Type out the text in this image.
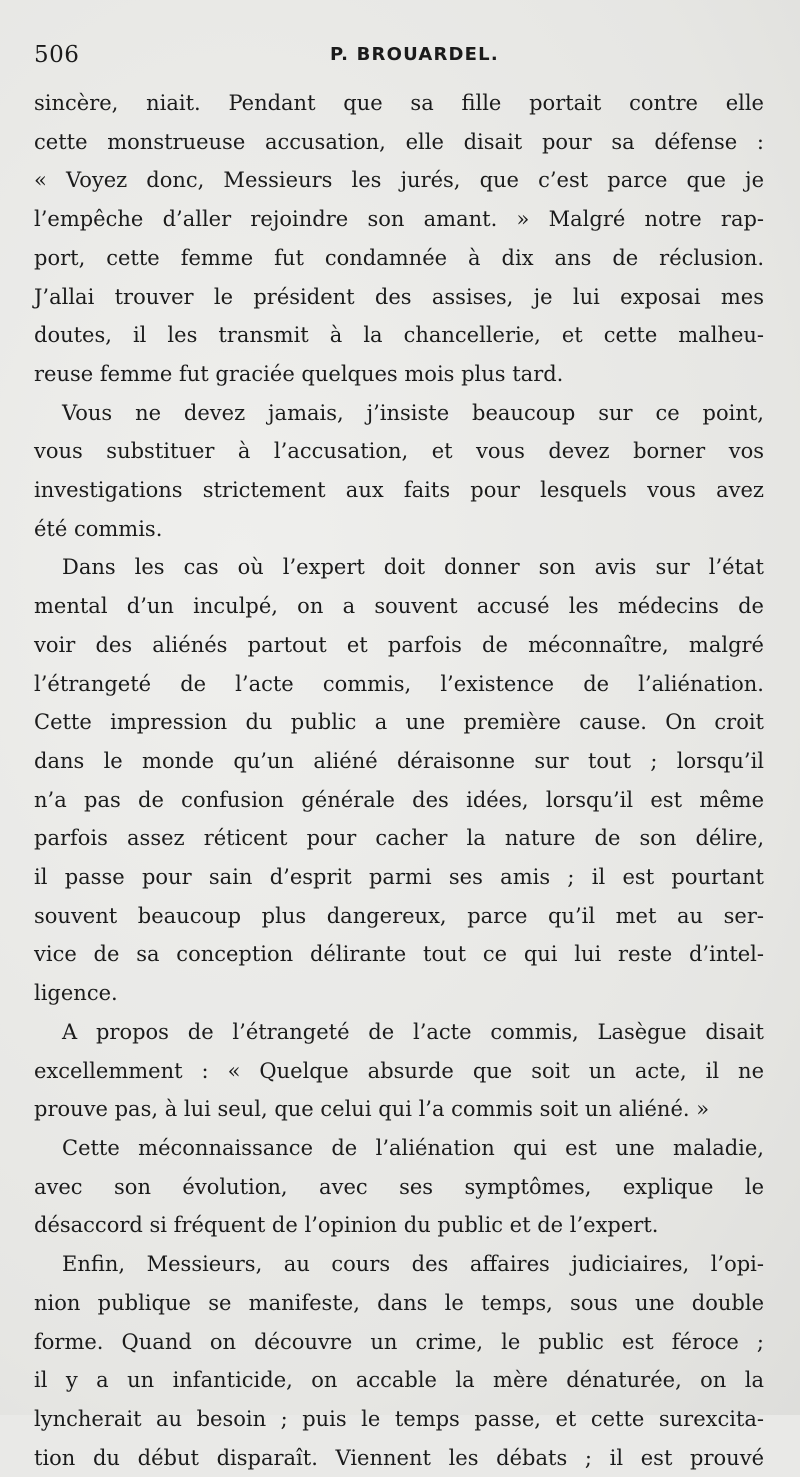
506	P. BROUARDEL.

sincère, niait. Pendant que sa fille portait contre elle

cette monstrueuse accusation, elle disait pour sa défense :

« Voyez donc, Messieurs les jurés, que c’est parce que je

l’empêche d’aller rejoindre son amant. » Malgré notre rap-

port, cette femme fut condamnée à dix ans de réclusion.

J’allai trouver le président des assises, je lui exposai mes

doutes, il les transmit à la chancellerie, et cette malheu-

reuse femme fut graciée quelques mois plus tard.

Vous ne devez jamais, j’insiste beaucoup sur ce point,

vous substituer à l’accusation, et vous devez borner vos

investigations strictement aux faits pour lesquels vous avez

été commis.

Dans les cas où l’expert doit donner son avis sur l’état

mental d’un inculpé, on a souvent accusé les médecins de

voir des aliénés partout et parfois de méconnaître, malgré

l’étrangeté de l’acte commis, l’existence de l’aliénation.

Cette impression du public a une première cause. On croit

dans le monde qu’un aliéné déraisonne sur tout ; lorsqu’il

n’a pas de confusion générale des idées, lorsqu’il est même

parfois assez réticent pour cacher la nature de son délire,

il passe pour sain d’esprit parmi ses amis ; il est pourtant

souvent beaucoup plus dangereux, parce qu’il met au ser-

vice de sa conception délirante tout ce qui lui reste d’intel-

ligence.

A propos de l’étrangeté de l’acte commis, Lasègue disait

excellemment : « Quelque absurde que soit un acte, il ne

prouve pas, à lui seul, que celui qui l’a commis soit un aliéné. »

Cette méconnaissance de l’aliénation qui est une maladie,

avec son évolution, avec ses symptômes, explique le

désaccord si fréquent de l’opinion du public et de l’expert.

Enfin, Messieurs, au cours des affaires judiciaires, l’opi-

nion publique se manifeste, dans le temps, sous une double

forme. Quand on découvre un crime, le public est féroce ;

il y a un infanticide, on accable la mère dénaturée, on la

lyncherait au besoin ; puis le temps passe, et cette surexcita-

tion du début disparaît. Viennent les débats ; il est prouvé
